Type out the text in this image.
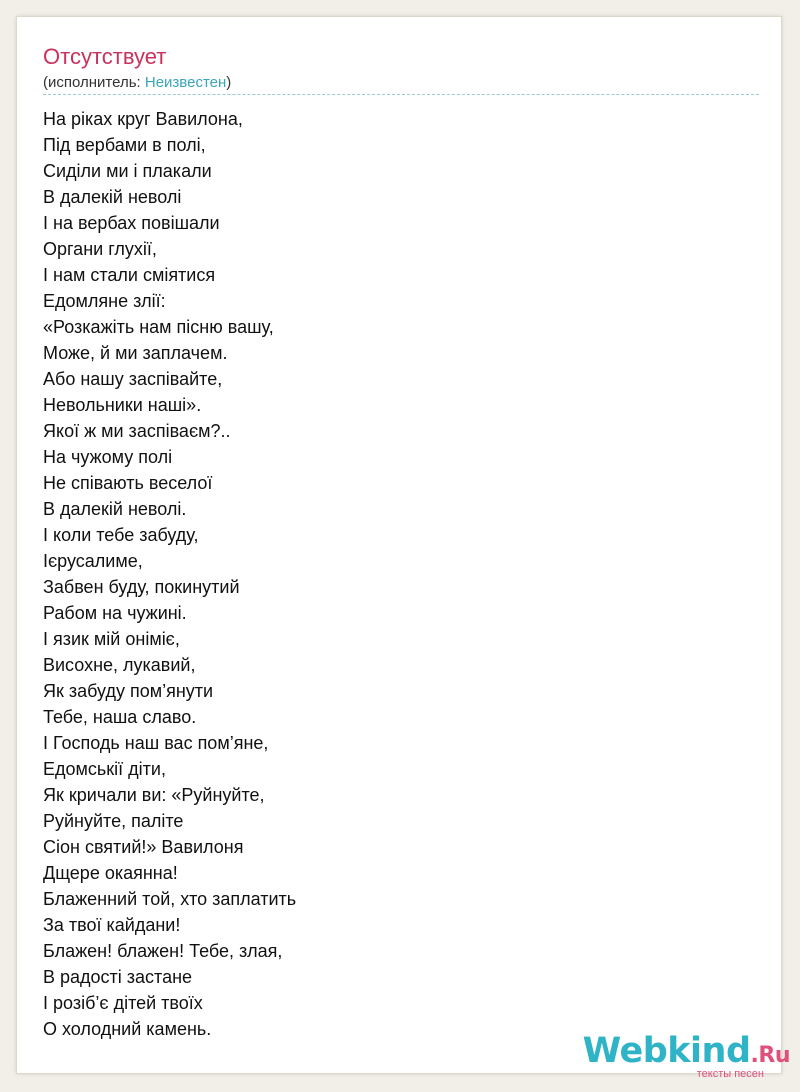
Отсутствует
(исполнитель: Неизвестен)
На ріках круг Вавилона,
Під вербами в полі,
Сиділи ми і плакали
В далекій неволі
І на вербах повішали
Органи глухії,
І нам стали сміятися
Едомляне злії:
«Розкажіть нам пісню вашу,
Може, й ми заплачем.
Або нашу заспівайте,
Невольники наші».
Якої ж ми заспіваєм?..
На чужому полі
Не співають веселої
В далекій неволі.
І коли тебе забуду,
Ієрусалиме,
Забвен буду, покинутий
Рабом на чужині.
І язик мій оніміє,
Висохне, лукавий,
Як забуду пом’янути
Тебе, наша славо.
І Господь наш вас пом’яне,
Едомськії діти,
Як кричали ви: «Руйнуйте,
Руйнуйте, паліте
Сіон святий!» Вавилоня
Дщере окаянна!
Блаженний той, хто заплатить
За твої кайдани!
Блажен! блажен! Тебе, злая,
В радості застане
І розіб’є дітей твоїх
О холодний камень.
Webkind.Ru
тексты песен
